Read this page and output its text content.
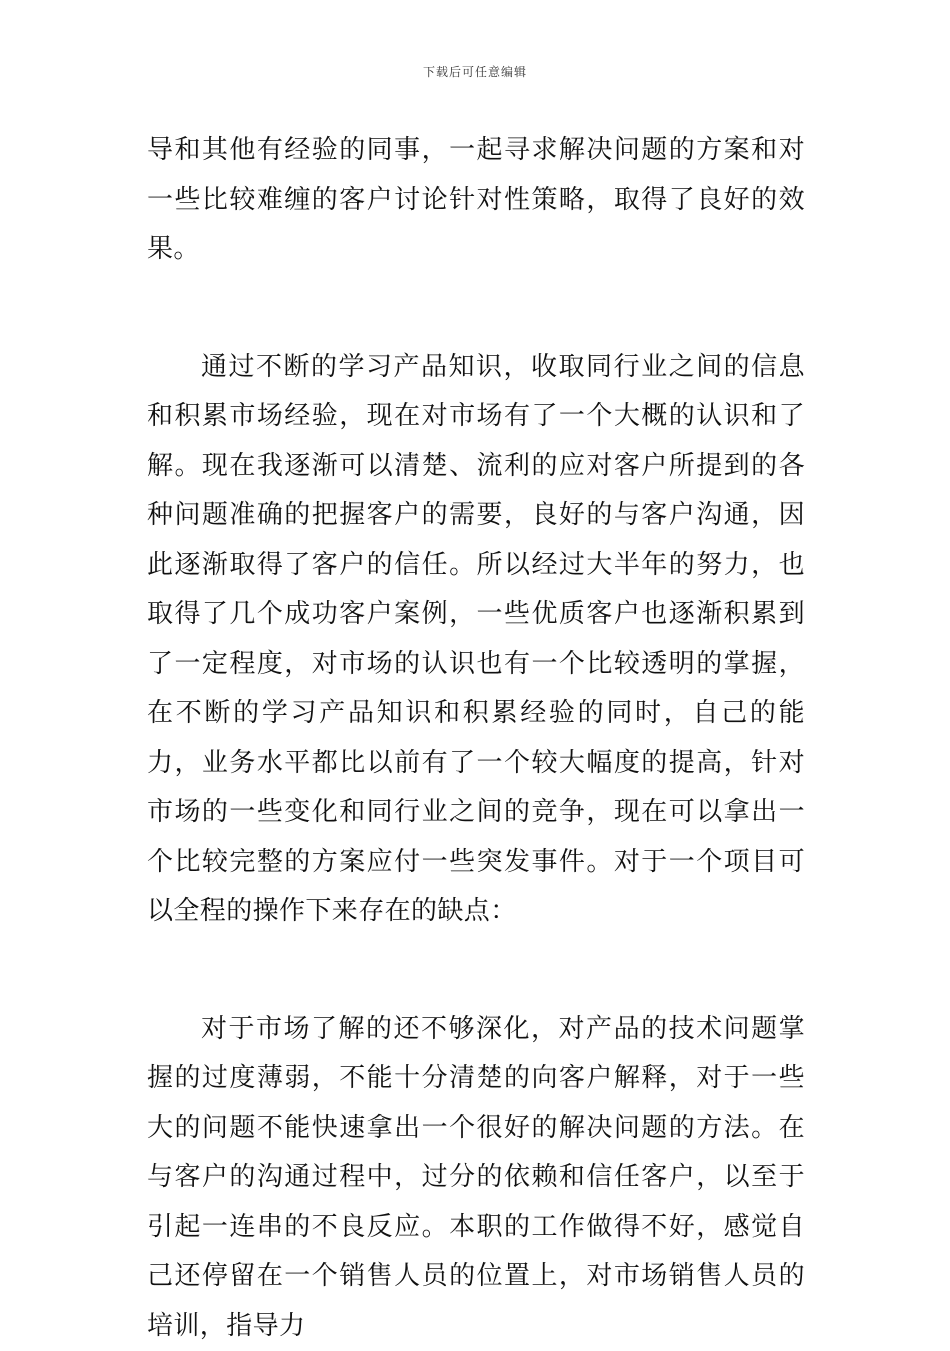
下载后可任意编辑

导和其他有经验的同事，一起寻求解决问题的方案和对一些比较难缠的客户讨论针对性策略，取得了良好的效果。

通过不断的学习产品知识，收取同行业之间的信息和积累市场经验，现在对市场有了一个大概的认识和了解。现在我逐渐可以清楚、流利的应对客户所提到的各种问题准确的把握客户的需要，良好的与客户沟通，因此逐渐取得了客户的信任。所以经过大半年的努力，也取得了几个成功客户案例，一些优质客户也逐渐积累到了一定程度，对市场的认识也有一个比较透明的掌握，在不断的学习产品知识和积累经验的同时，自己的能力，业务水平都比以前有了一个较大幅度的提高，针对市场的一些变化和同行业之间的竞争，现在可以拿出一个比较完整的方案应付一些突发事件。对于一个项目可以全程的操作下来存在的缺点：

对于市场了解的还不够深化，对产品的技术问题掌握的过度薄弱，不能十分清楚的向客户解释，对于一些大的问题不能快速拿出一个很好的解决问题的方法。在与客户的沟通过程中，过分的依赖和信任客户，以至于引起一连串的不良反应。本职的工作做得不好，感觉自己还停留在一个销售人员的位置上，对市场销售人员的培训，指导力
